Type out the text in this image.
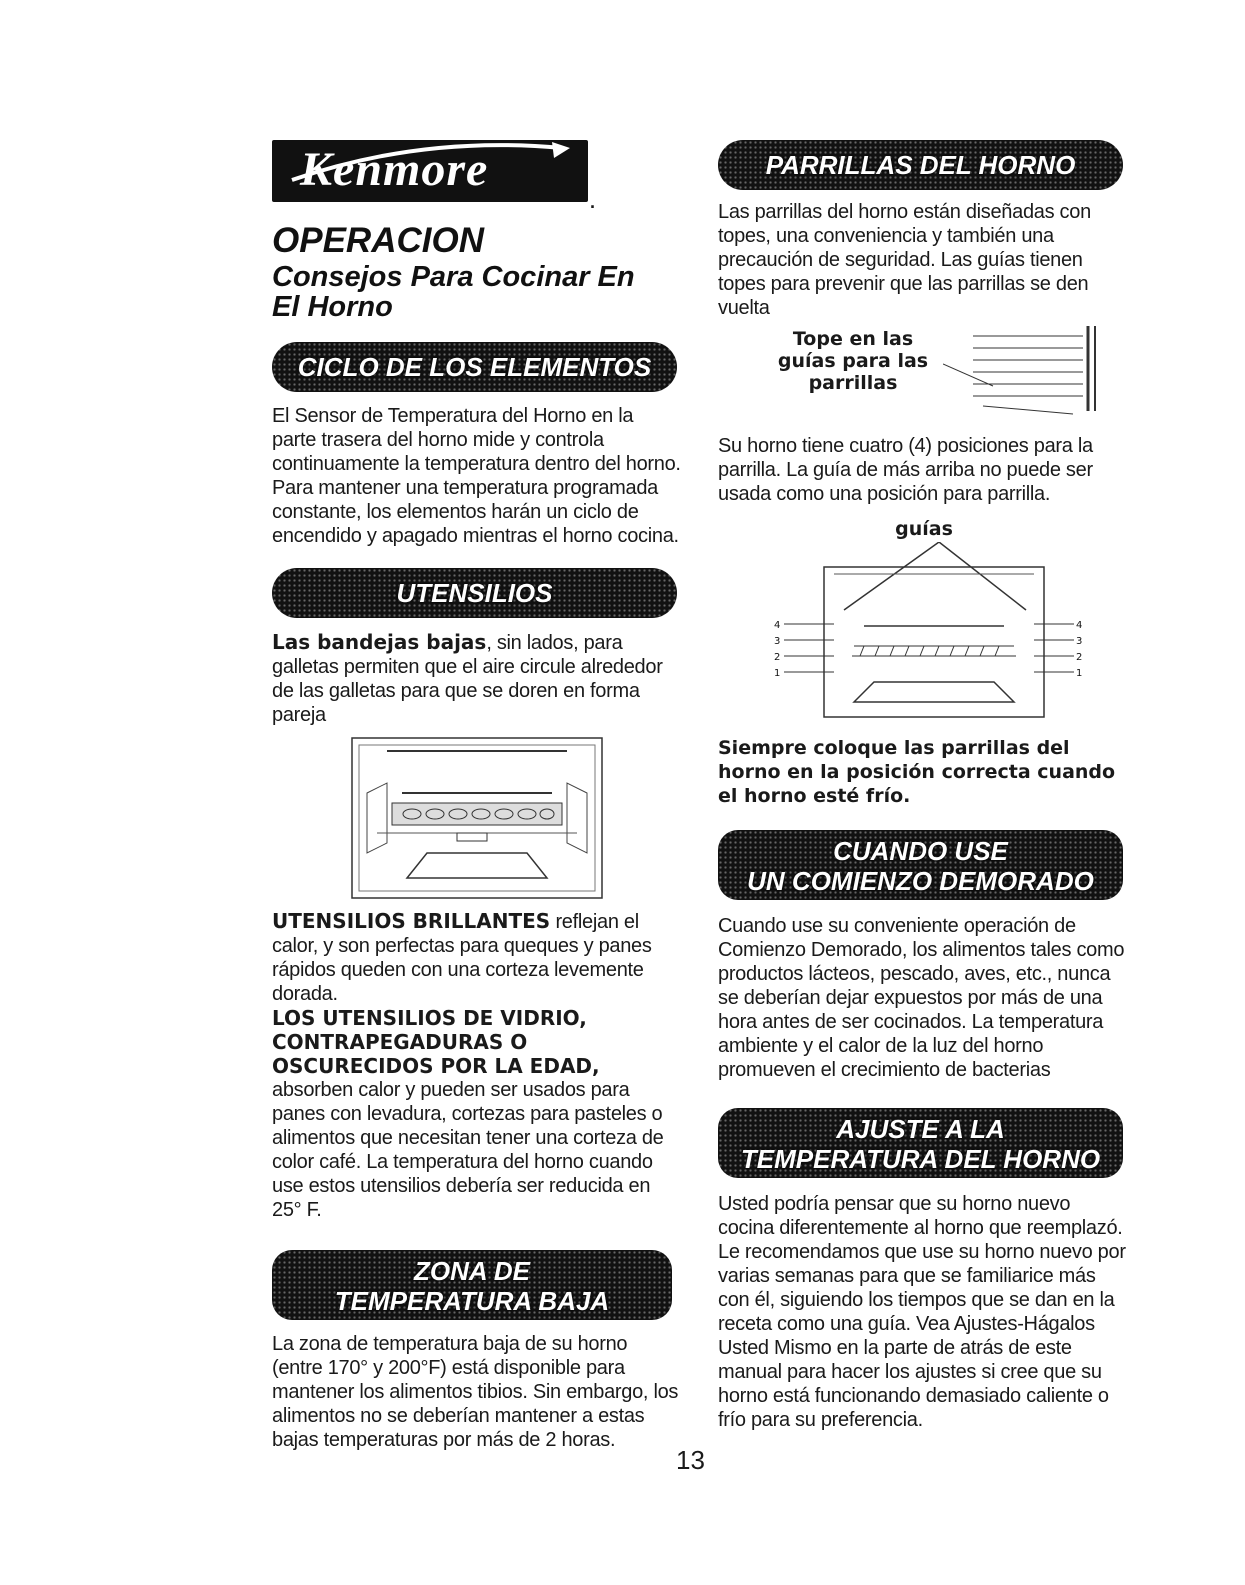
Kenmore
.
OPERACION
Consejos Para Cocinar En El Horno
CICLO DE LOS ELEMENTOS

El Sensor de Temperatura del Horno en la parte trasera del horno mide y controla continuamente la temperatura dentro del horno. Para mantener una temperatura programada constante, los elementos harán un ciclo de encendido y apagado mientras el horno cocina.

UTENSILIOS

Las bandejas bajas, sin lados, para galletas permiten que el aire circule alrededor de las galletas para que se doren en forma pareja

UTENSILIOS BRILLANTES reflejan el calor, y son perfectas para queques y panes rápidos queden con una corteza levemente dorada.

LOS UTENSILIOS DE VIDRIO, CONTRAPEGADURAS O OSCURECIDOS POR LA EDAD,

absorben calor y pueden ser usados para panes con levadura, cortezas para pasteles o alimentos que necesitan tener una corteza de color café. La temperatura del horno cuando use estos utensilios debería ser reducida en 25° F.

ZONA DE
TEMPERATURA BAJA

La zona de temperatura baja de su horno (entre 170° y 200°F) está disponible para mantener los alimentos tibios. Sin embargo, los alimentos no se deberían mantener a estas bajas temperaturas por más de 2 horas.

PARRILLAS DEL HORNO

Las parrillas del horno están diseñadas con topes, una conveniencia y también una precaución de seguridad. Las guías tienen topes para prevenir que las parrillas se den vuelta

Tope en las guías para las parrillas

Su horno tiene cuatro (4) posiciones para la parrilla. La guía de más arriba no puede ser usada como una posición para parrilla.

guías
4
3
2
1
4
3
2
1

Siempre coloque las parrillas del horno en la posición correcta cuando el horno esté frío.

CUANDO USE
UN COMIENZO DEMORADO

Cuando use su conveniente operación de Comienzo Demorado, los alimentos tales como productos lácteos, pescado, aves, etc., nunca se deberían dejar expuestos por más de una hora antes de ser cocinados. La temperatura ambiente y el calor de la luz del horno promueven el crecimiento de bacterias

AJUSTE A LA
TEMPERATURA DEL HORNO

Usted podría pensar que su horno nuevo cocina diferentemente al horno que reemplazó. Le recomendamos que use su horno nuevo por varias semanas para que se familiarice más con él, siguiendo los tiempos que se dan en la receta como una guía. Vea Ajustes-Hágalos Usted Mismo en la parte de atrás de este manual para hacer los ajustes si cree que su horno está funcionando demasiado caliente o frío para su preferencia.

13
